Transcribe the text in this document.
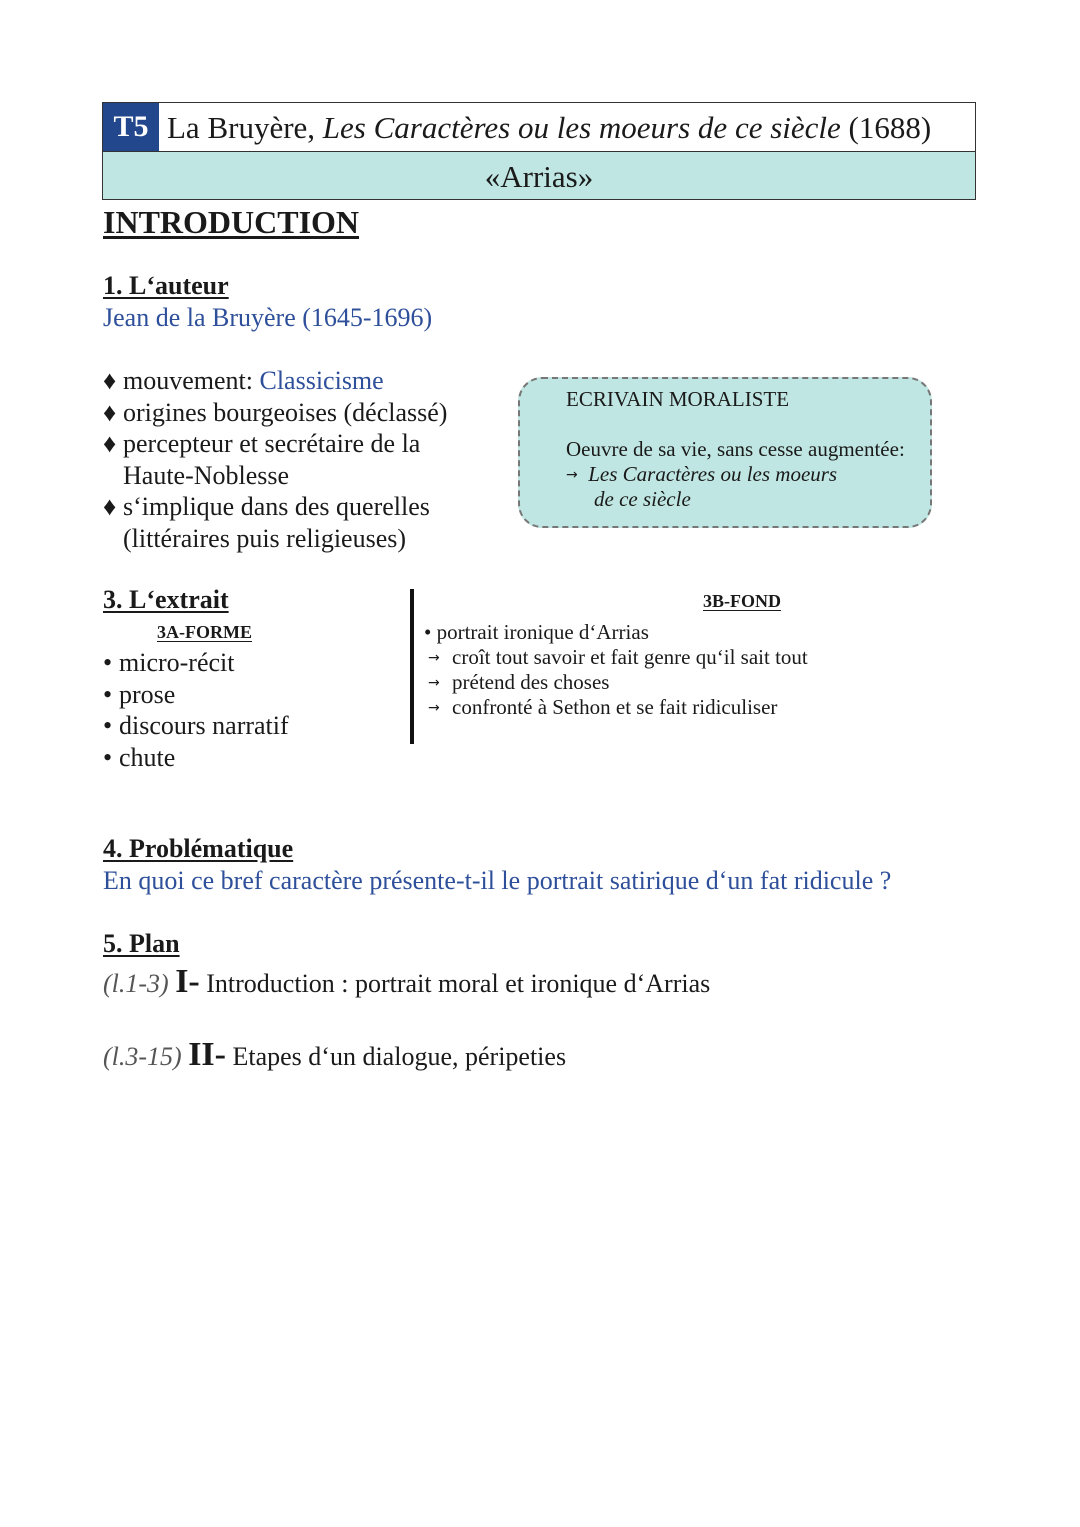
T5 La Bruyère, Les Caractères ou les moeurs de ce siècle (1688)
«Arrias»
INTRODUCTION
1. L‘auteur
Jean de la Bruyère (1645-1696)
♦ mouvement: Classicisme
♦ origines bourgeoises (déclassé)
♦ percepteur et secrétaire de la
Haute-Noblesse
♦ s‘implique dans des querelles
(littéraires puis religieuses)
ECRIVAIN MORALISTE
Oeuvre de sa vie, sans cesse augmentée:
→ Les Caractères ou les moeurs
de ce siècle
3. L‘extrait
3A-FORME
• micro-récit
• prose
• discours narratif
• chute
3B-FOND
• portrait ironique d‘Arrias
→ croît tout savoir et fait genre qu‘il sait tout
→ prétend des choses
→ confronté à Sethon et se fait ridiculiser
4. Problématique
En quoi ce bref caractère présente-t-il le portrait satirique d‘un fat ridicule ?
5. Plan
(l.1-3) I- Introduction : portrait moral et ironique d‘Arrias
(l.3-15) II- Etapes d‘un dialogue, péripeties
